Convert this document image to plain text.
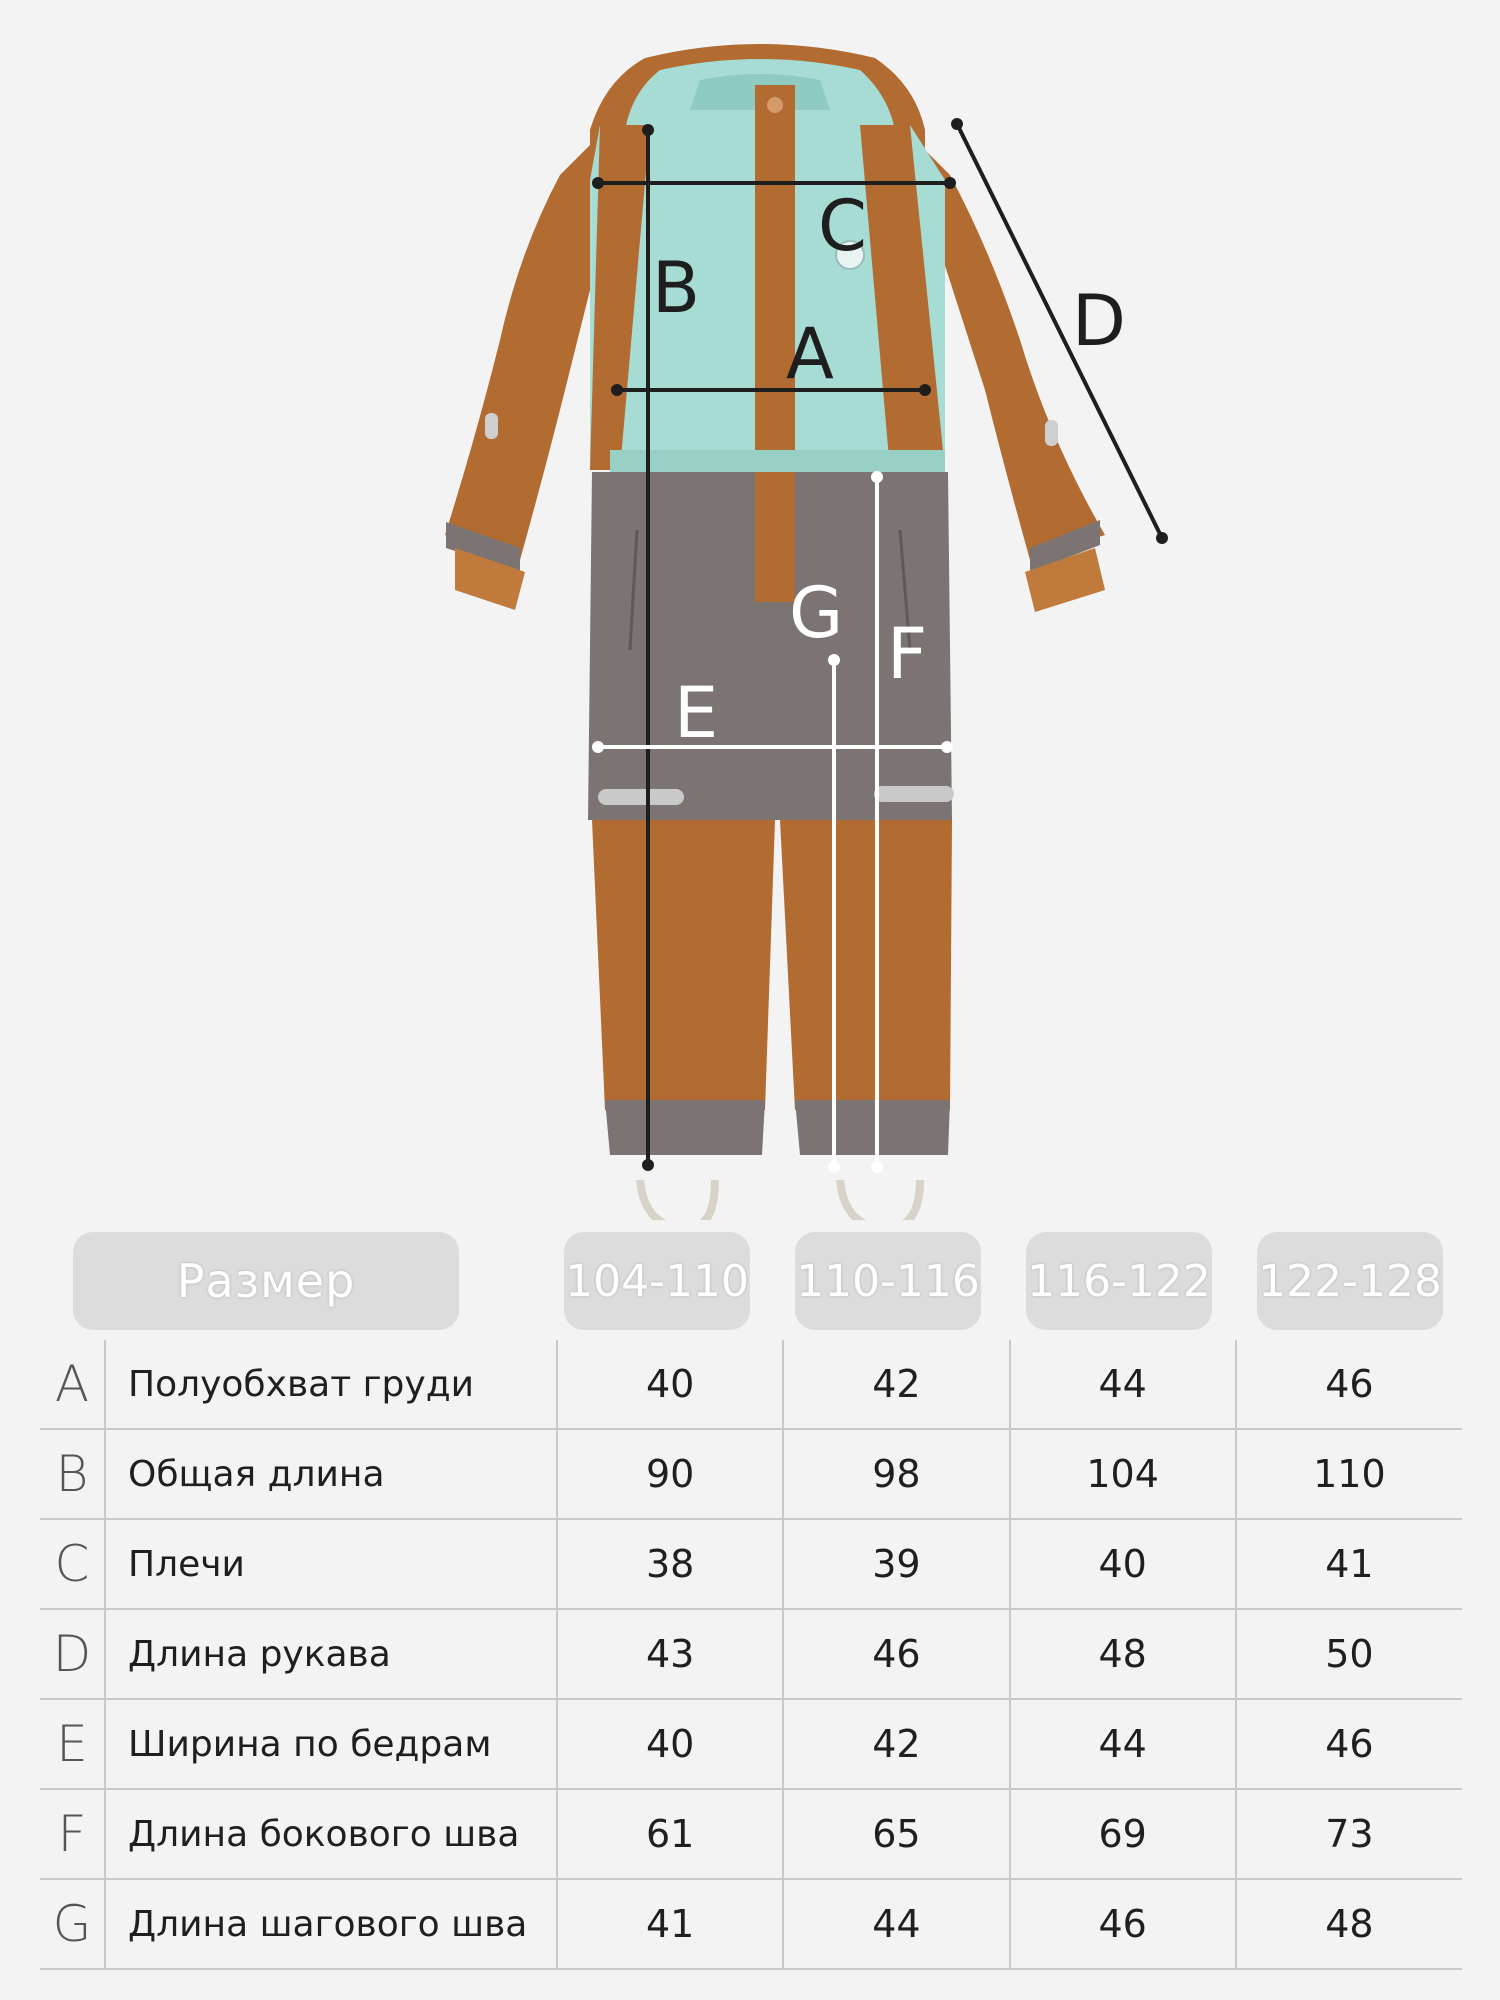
C
B
A	D
E
F
G
Размер	104-110 110-116 116-122 122-128
A	Полуобхват груди	40	42	44	46
B	Общая длина	90	98	104	110
C	Плечи	38	39	40	41
D	Длина рукава	43	46	48	50
E	Ширина по бедрам	40	42	44	46
F	Длина бокового шва	61	65	69	73
G	Длина шагового шва	41	44	46	48
